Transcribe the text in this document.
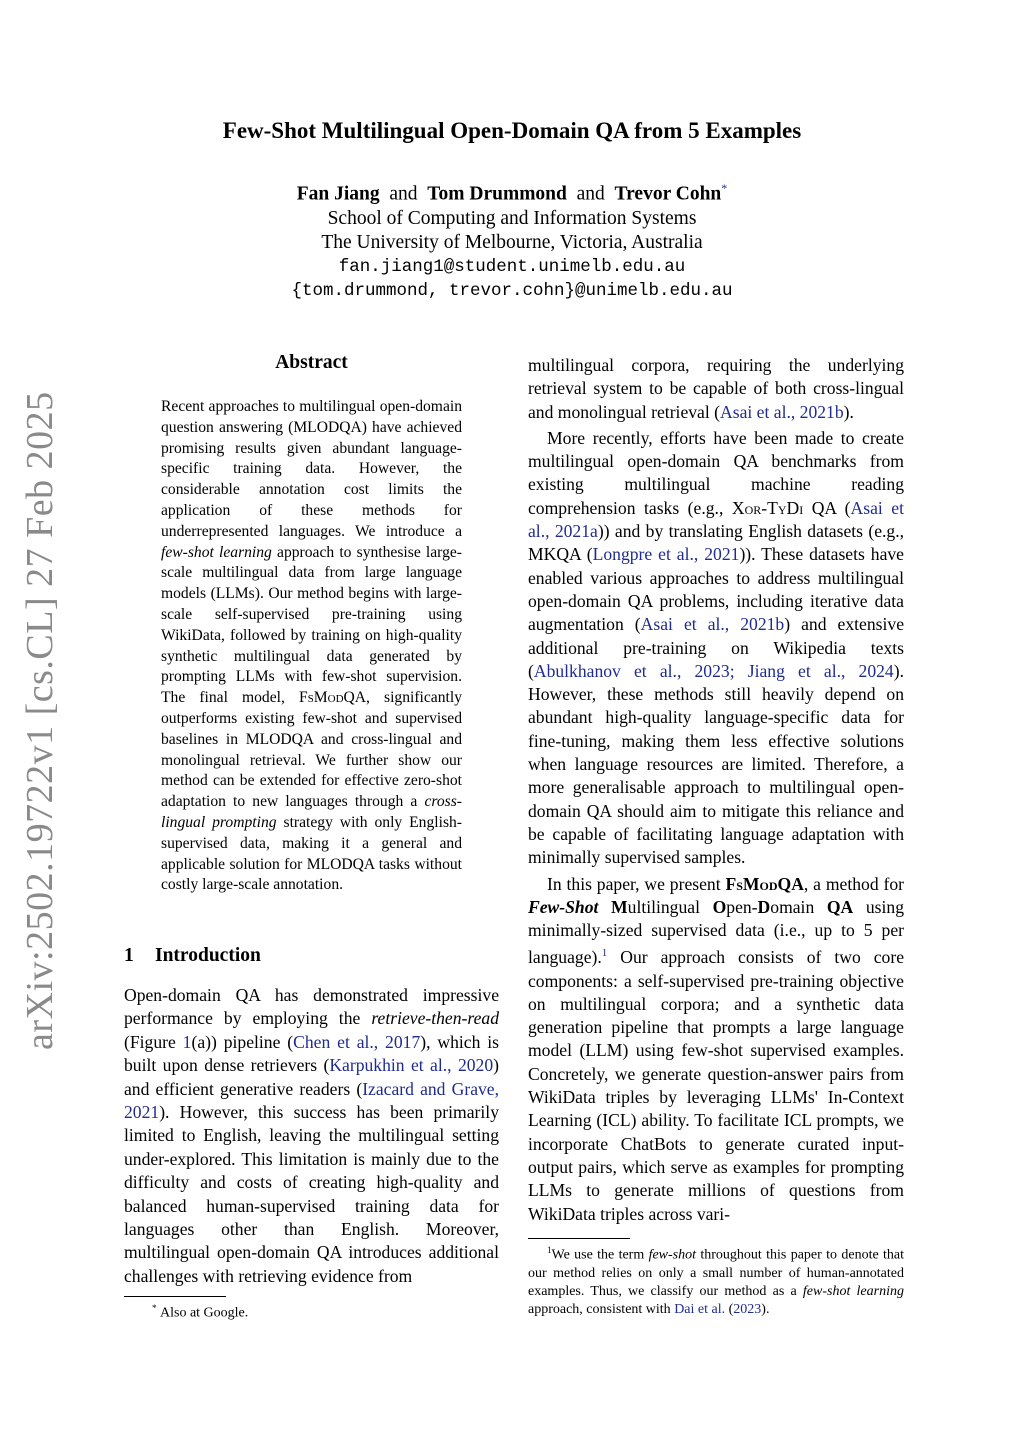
Few-Shot Multilingual Open-Domain QA from 5 Examples
Fan Jiang and Tom Drummond and Trevor Cohn*
School of Computing and Information Systems
The University of Melbourne, Victoria, Australia
fan.jiang1@student.unimelb.edu.au
{tom.drummond, trevor.cohn}@unimelb.edu.au
arXiv:2502.19722v1 [cs.CL] 27 Feb 2025
Abstract
Recent approaches to multilingual open-domain question answering (MLODQA) have achieved promising results given abundant language-specific training data. However, the considerable annotation cost limits the application of these methods for underrepresented languages. We introduce a few-shot learning approach to synthesise large-scale multilingual data from large language models (LLMs). Our method begins with large-scale self-supervised pre-training using WikiData, followed by training on high-quality synthetic multilingual data generated by prompting LLMs with few-shot supervision. The final model, FsModQA, significantly outperforms existing few-shot and supervised baselines in MLODQA and cross-lingual and monolingual retrieval. We further show our method can be extended for effective zero-shot adaptation to new languages through a cross-lingual prompting strategy with only English-supervised data, making it a general and applicable solution for MLODQA tasks without costly large-scale annotation.
1 Introduction
Open-domain QA has demonstrated impressive performance by employing the retrieve-then-read (Figure 1(a)) pipeline (Chen et al., 2017), which is built upon dense retrievers (Karpukhin et al., 2020) and efficient generative readers (Izacard and Grave, 2021). However, this success has been primarily limited to English, leaving the multilingual setting under-explored. This limitation is mainly due to the difficulty and costs of creating high-quality and balanced human-supervised training data for languages other than English. Moreover, multilingual open-domain QA introduces additional challenges with retrieving evidence from
* Also at Google.

multilingual corpora, requiring the underlying retrieval system to be capable of both cross-lingual and monolingual retrieval (Asai et al., 2021b).

More recently, efforts have been made to create multilingual open-domain QA benchmarks from existing multilingual machine reading comprehension tasks (e.g., Xor-TyDi QA (Asai et al., 2021a)) and by translating English datasets (e.g., MKQA (Longpre et al., 2021)). These datasets have enabled various approaches to address multilingual open-domain QA problems, including iterative data augmentation (Asai et al., 2021b) and extensive additional pre-training on Wikipedia texts (Abulkhanov et al., 2023; Jiang et al., 2024). However, these methods still heavily depend on abundant high-quality language-specific data for fine-tuning, making them less effective solutions when language resources are limited. Therefore, a more generalisable approach to multilingual open-domain QA should aim to mitigate this reliance and be capable of facilitating language adaptation with minimally supervised samples.

In this paper, we present FsModQA, a method for Few-Shot Multilingual Open-Domain QA using minimally-sized supervised data (i.e., up to 5 per language).$^1$ Our approach consists of two core components: a self-supervised pre-training objective on multilingual corpora; and a synthetic data generation pipeline that prompts a large language model (LLM) using few-shot supervised examples. Concretely, we generate question-answer pairs from WikiData triples by leveraging LLMs' In-Context Learning (ICL) ability. To facilitate ICL prompts, we incorporate ChatBots to generate curated input-output pairs, which serve as examples for prompting LLMs to generate millions of questions from WikiData triples across vari-

$^1$We use the term few-shot throughout this paper to denote that our method relies on only a small number of human-annotated examples. Thus, we classify our method as a few-shot learning approach, consistent with Dai et al. (2023).
